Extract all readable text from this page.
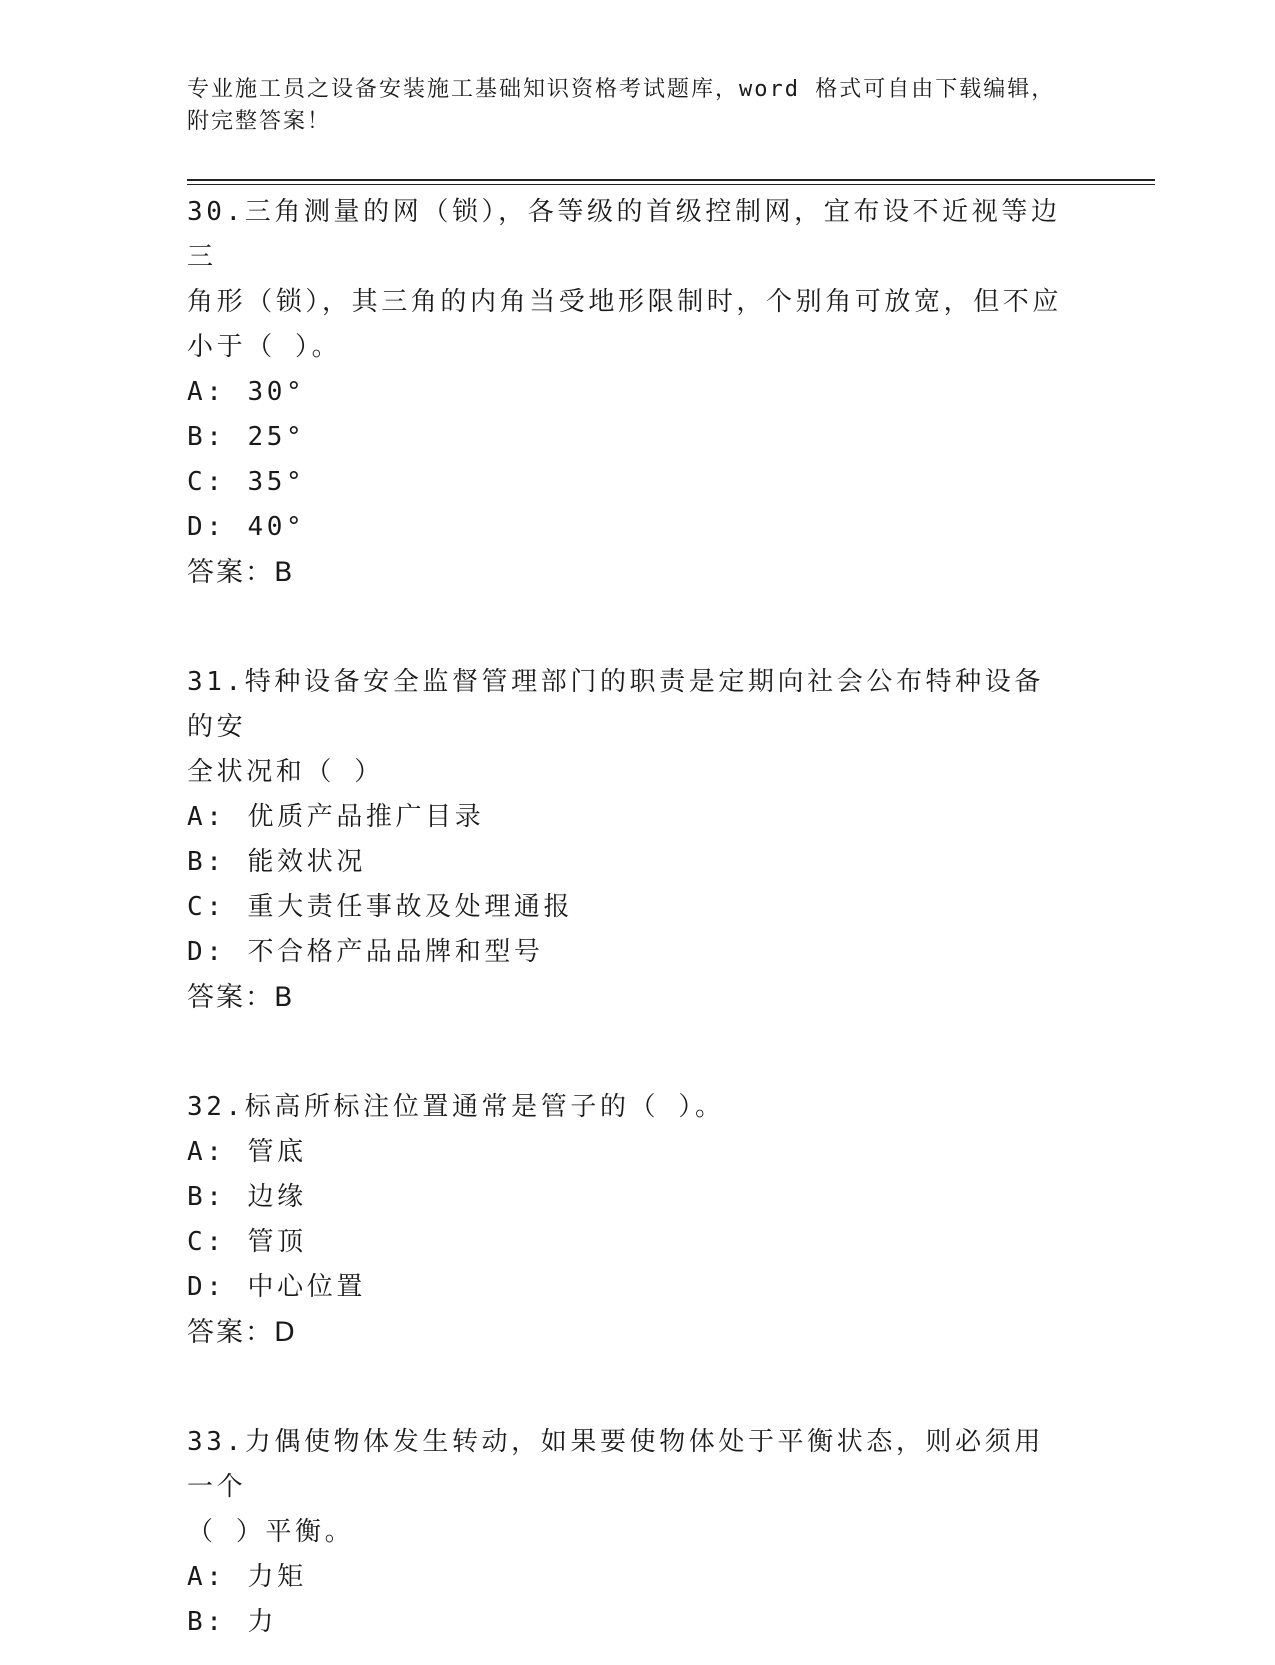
专业施工员之设备安装施工基础知识资格考试题库，word 格式可自由下载编辑，
附完整答案！
30.三角测量的网（锁），各等级的首级控制网，宜布设不近视等边三
角形（锁），其三角的内角当受地形限制时，个别角可放宽，但不应
小于（ ）。
A: 30°
B: 25°
C: 35°
D: 40°
答案：B
31.特种设备安全监督管理部门的职责是定期向社会公布特种设备的安
全状况和（ ）
A: 优质产品推广目录
B: 能效状况
C: 重大责任事故及处理通报
D: 不合格产品品牌和型号
答案：B
32.标高所标注位置通常是管子的（ ）。
A: 管底
B: 边缘
C: 管顶
D: 中心位置
答案：D
33.力偶使物体发生转动，如果要使物体处于平衡状态，则必须用一个
（ ）平衡。
A: 力矩
B: 力
